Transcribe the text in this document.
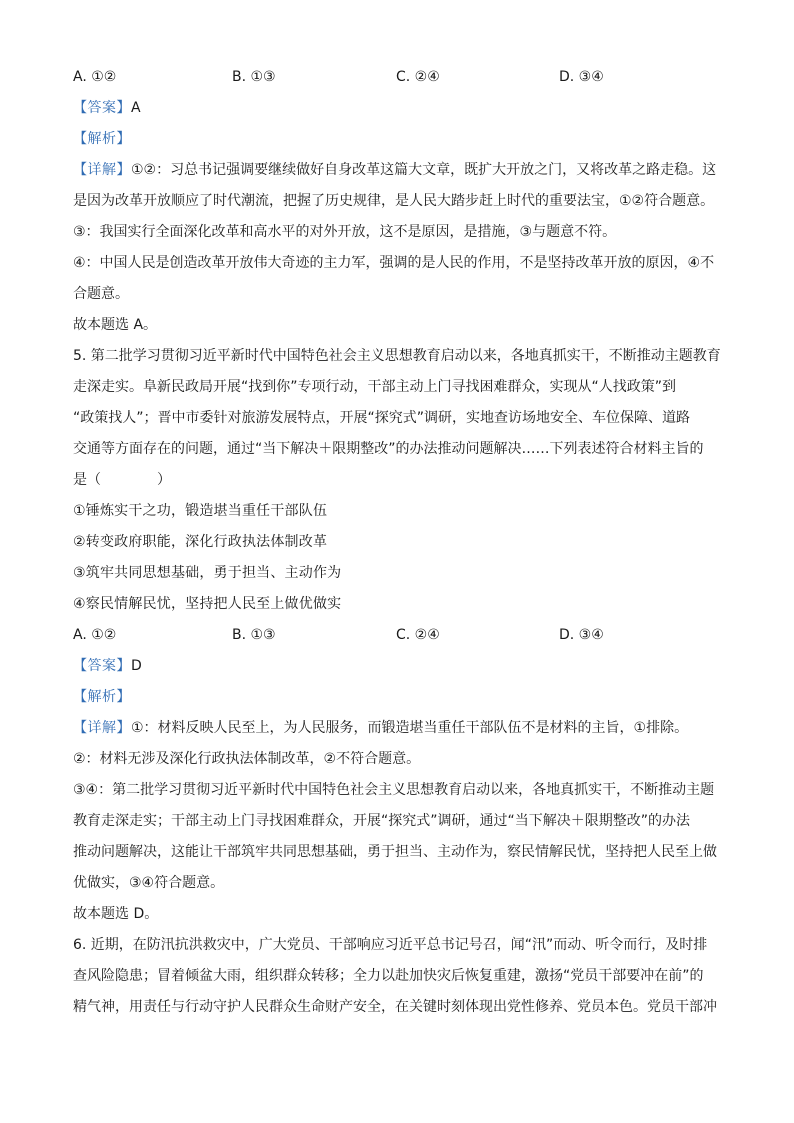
A. ①②	B. ①③	C. ②④	D. ③④
【答案】A
【解析】
【详解】①②：习总书记强调要继续做好自身改革这篇大文章，既扩大开放之门，又将改革之路走稳。这
是因为改革开放顺应了时代潮流，把握了历史规律，是人民大踏步赶上时代的重要法宝，①②符合题意。
③：我国实行全面深化改革和高水平的对外开放，这不是原因，是措施，③与题意不符。
④：中国人民是创造改革开放伟大奇迹的主力军，强调的是人民的作用，不是坚持改革开放的原因，④不
合题意。
故本题选 A。
5. 第二批学习贯彻习近平新时代中国特色社会主义思想教育启动以来，各地真抓实干，不断推动主题教育
走深走实。阜新民政局开展“找到你”专项行动，干部主动上门寻找困难群众，实现从“人找政策”到
“政策找人”；晋中市委针对旅游发展特点，开展“探究式”调研，实地查访场地安全、车位保障、道路
交通等方面存在的问题，通过“当下解决＋限期整改”的办法推动问题解决……下列表述符合材料主旨的
是（　　　　）
①锤炼实干之功，锻造堪当重任干部队伍
②转变政府职能，深化行政执法体制改革
③筑牢共同思想基础，勇于担当、主动作为
④察民情解民忧，坚持把人民至上做优做实
A. ①②	B. ①③	C. ②④	D. ③④
【答案】D
【解析】
【详解】①：材料反映人民至上，为人民服务，而锻造堪当重任干部队伍不是材料的主旨，①排除。
②：材料无涉及深化行政执法体制改革，②不符合题意。
③④：第二批学习贯彻习近平新时代中国特色社会主义思想教育启动以来，各地真抓实干，不断推动主题
教育走深走实；干部主动上门寻找困难群众，开展“探究式”调研，通过“当下解决＋限期整改”的办法
推动问题解决，这能让干部筑牢共同思想基础，勇于担当、主动作为，察民情解民忧，坚持把人民至上做
优做实，③④符合题意。
故本题选 D。
6. 近期，在防汛抗洪救灾中，广大党员、干部响应习近平总书记号召，闻“汛”而动、听令而行，及时排
查风险隐患；冒着倾盆大雨，组织群众转移；全力以赴加快灾后恢复重建，激扬“党员干部要冲在前”的
精气神，用责任与行动守护人民群众生命财产安全，在关键时刻体现出党性修养、党员本色。党员干部冲
